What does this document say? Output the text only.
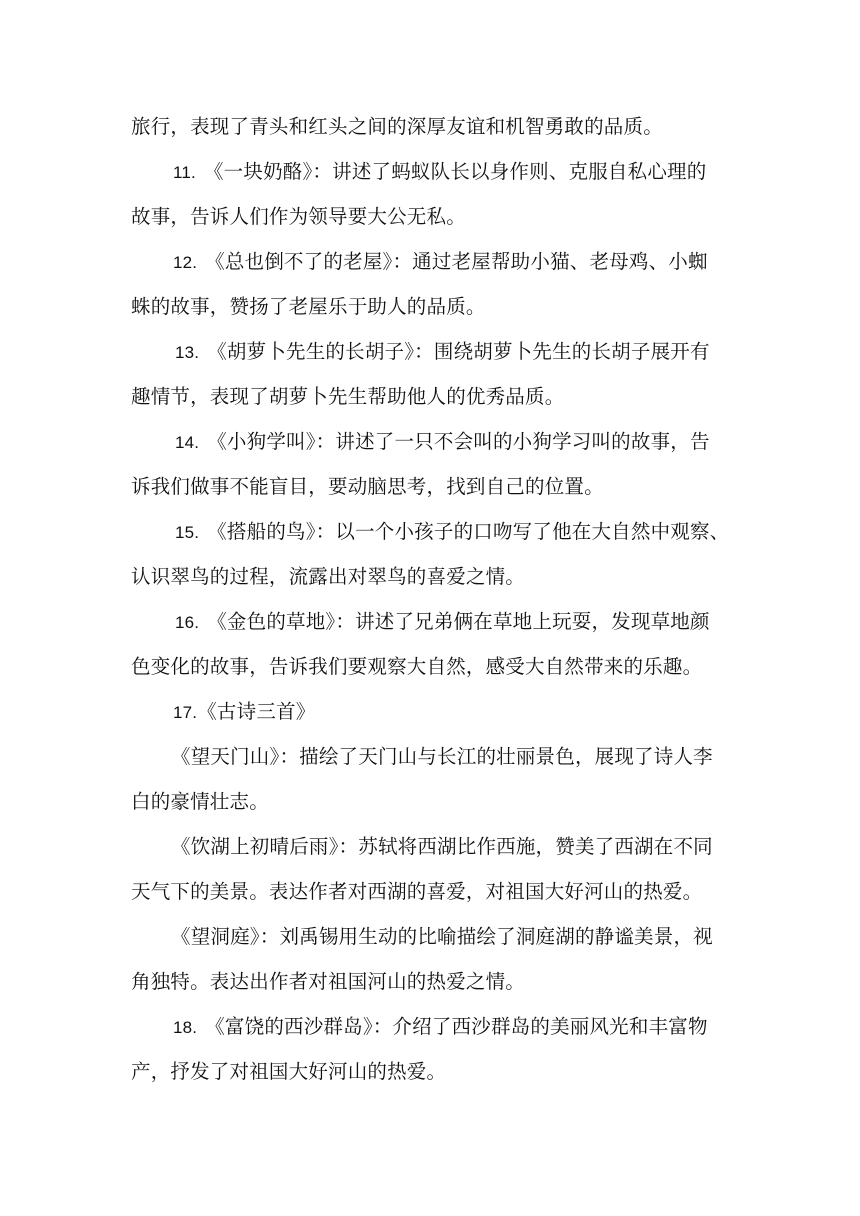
旅行，表现了青头和红头之间的深厚友谊和机智勇敢的品质。
11. 《一块奶酪》：讲述了蚂蚁队长以身作则、克服自私心理的
故事，告诉人们作为领导要大公无私。
12. 《总也倒不了的老屋》：通过老屋帮助小猫、老母鸡、小蜘
蛛的故事，赞扬了老屋乐于助人的品质。
13. 《胡萝卜先生的长胡子》：围绕胡萝卜先生的长胡子展开有
趣情节，表现了胡萝卜先生帮助他人的优秀品质。
14. 《小狗学叫》：讲述了一只不会叫的小狗学习叫的故事，告
诉我们做事不能盲目，要动脑思考，找到自己的位置。
15. 《搭船的鸟》：以一个小孩子的口吻写了他在大自然中观察、
认识翠鸟的过程，流露出对翠鸟的喜爱之情。
16. 《金色的草地》：讲述了兄弟俩在草地上玩耍，发现草地颜
色变化的故事，告诉我们要观察大自然，感受大自然带来的乐趣。
17.《古诗三首》
《望天门山》：描绘了天门山与长江的壮丽景色，展现了诗人李
白的豪情壮志。
《饮湖上初晴后雨》：苏轼将西湖比作西施，赞美了西湖在不同
天气下的美景。表达作者对西湖的喜爱，对祖国大好河山的热爱。
《望洞庭》：刘禹锡用生动的比喻描绘了洞庭湖的静谧美景，视
角独特。表达出作者对祖国河山的热爱之情。
18. 《富饶的西沙群岛》：介绍了西沙群岛的美丽风光和丰富物
产，抒发了对祖国大好河山的热爱。
